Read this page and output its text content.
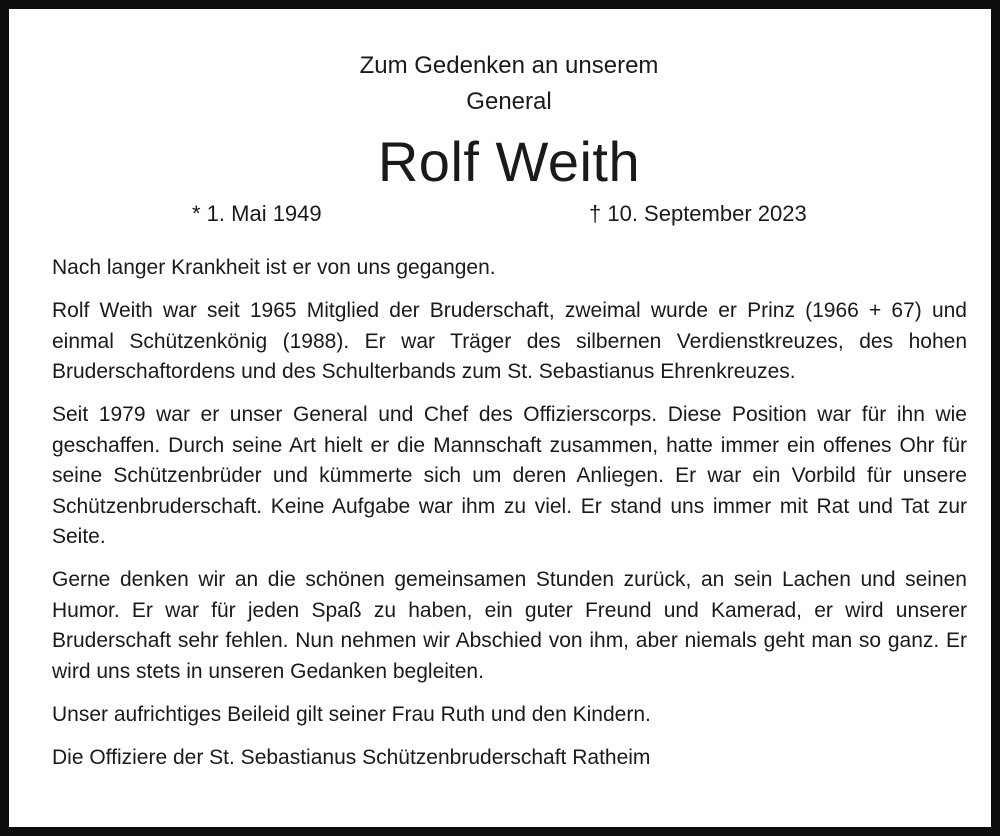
Zum Gedenken an unserem
General
Rolf Weith
* 1. Mai 1949	† 10. September 2023

Nach langer Krankheit ist er von uns gegangen.

Rolf Weith war seit 1965 Mitglied der Bruderschaft, zweimal wurde er Prinz (1966 + 67) und einmal Schützenkönig (1988). Er war Träger des silbernen Verdienstkreuzes, des hohen Bruderschaftordens und des Schulterbands zum St. Sebastianus Ehrenkreuzes.

Seit 1979 war er unser General und Chef des Offizierscorps. Diese Position war für ihn wie geschaffen. Durch seine Art hielt er die Mannschaft zusammen, hatte immer ein offenes Ohr für seine Schützenbrüder und kümmerte sich um deren Anliegen. Er war ein Vorbild für unsere Schützenbruderschaft. Keine Aufgabe war ihm zu viel. Er stand uns immer mit Rat und Tat zur Seite.

Gerne denken wir an die schönen gemeinsamen Stunden zurück, an sein Lachen und seinen Humor. Er war für jeden Spaß zu haben, ein guter Freund und Kamerad, er wird unserer Bruderschaft sehr fehlen. Nun nehmen wir Abschied von ihm, aber niemals geht man so ganz. Er wird uns stets in unseren Gedanken begleiten.

Unser aufrichtiges Beileid gilt seiner Frau Ruth und den Kindern.

Die Offiziere der St. Sebastianus Schützenbruderschaft Ratheim
